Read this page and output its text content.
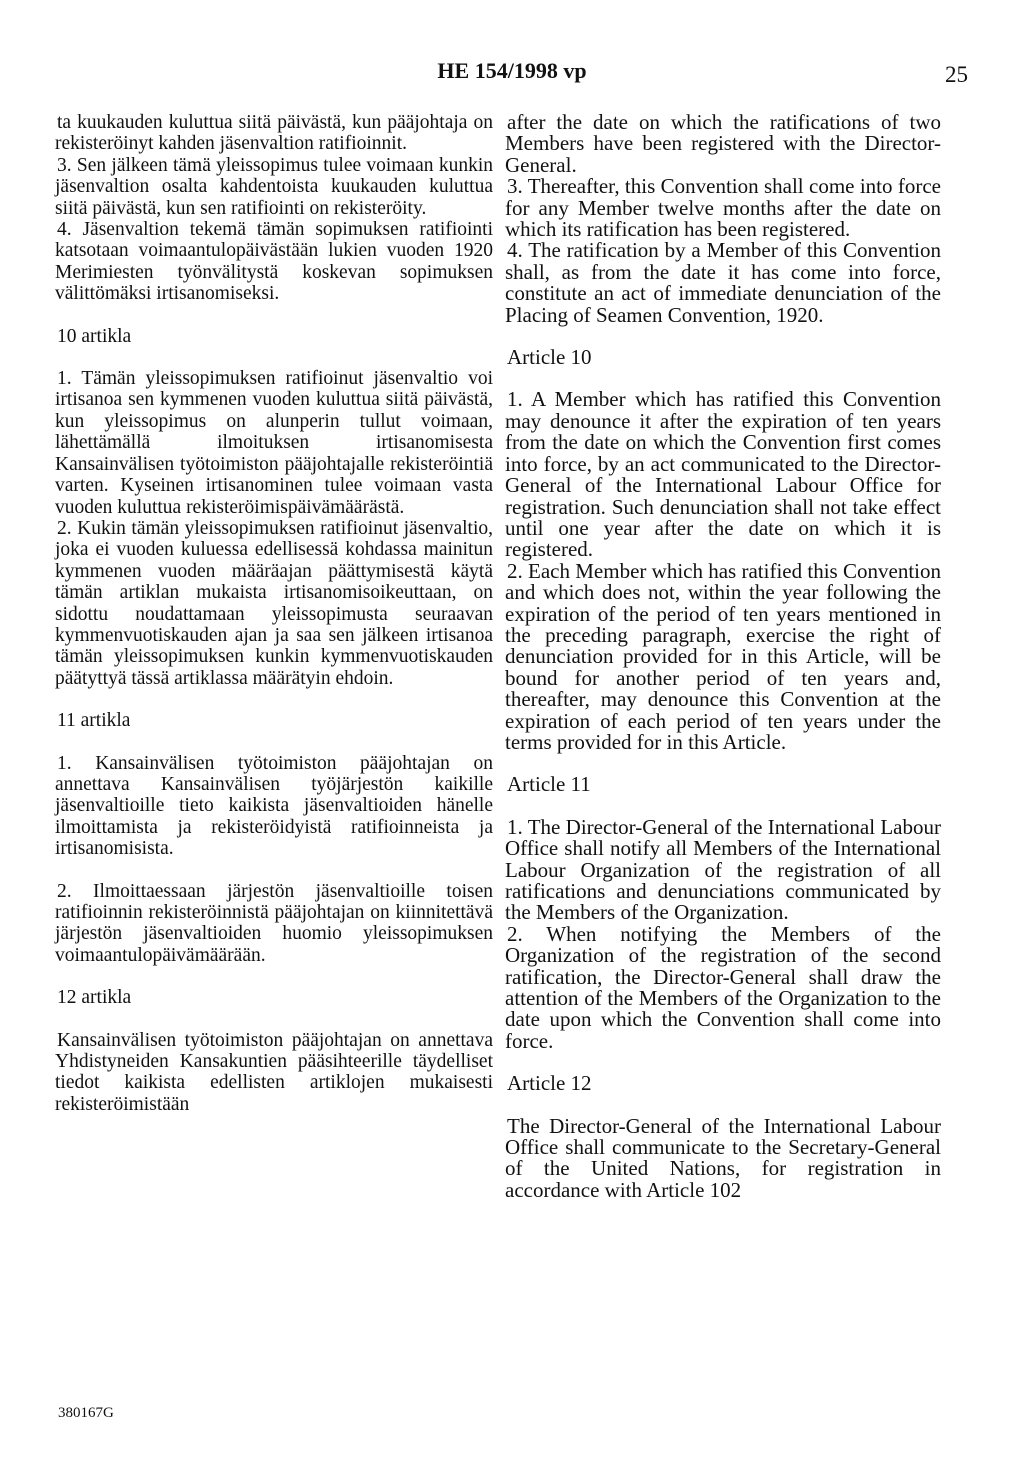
HE 154/1998 vp	25

ta kuukauden kuluttua siitä päivästä, kun pääjohtaja on rekisteröinyt kahden jäsenvaltion ratifioinnit.

3. Sen jälkeen tämä yleissopimus tulee voimaan kunkin jäsenvaltion osalta kahdentoista kuukauden kuluttua siitä päivästä, kun sen ratifiointi on rekisteröity.

4. Jäsenvaltion tekemä tämän sopimuksen ratifiointi katsotaan voimaantulopäivästään lukien vuoden 1920 Merimiesten työnvälitystä koskevan sopimuksen välittömäksi irtisanomiseksi.

10 artikla

1. Tämän yleissopimuksen ratifioinut jäsenvaltio voi irtisanoa sen kymmenen vuoden kuluttua siitä päivästä, kun yleissopimus on alunperin tullut voimaan, lähettämällä ilmoituksen irtisanomisesta Kansainvälisen työtoimiston pääjohtajalle rekisteröintiä varten. Kyseinen irtisanominen tulee voimaan vasta vuoden kuluttua rekisteröimispäivämäärästä.

2. Kukin tämän yleissopimuksen ratifioinut jäsenvaltio, joka ei vuoden kuluessa edellisessä kohdassa mainitun kymmenen vuoden määräajan päättymisestä käytä tämän artiklan mukaista irtisanomisoikeuttaan, on sidottu noudattamaan yleissopimusta seuraavan kymmenvuotiskauden ajan ja saa sen jälkeen irtisanoa tämän yleissopimuksen kunkin kymmenvuotiskauden päätyttyä tässä artiklassa määrätyin ehdoin.

11 artikla

1. Kansainvälisen työtoimiston pääjohtajan on annettava Kansainvälisen työjärjestön kaikille jäsenvaltioille tieto kaikista jäsenvaltioiden hänelle ilmoittamista ja rekisteröidyistä ratifioinneista ja irtisanomisista.

2. Ilmoittaessaan järjestön jäsenvaltioille toisen ratifioinnin rekisteröinnistä pääjohtajan on kiinnitettävä järjestön jäsenvaltioiden huomio yleissopimuksen voimaantulopäivämäärään.

12 artikla

Kansainvälisen työtoimiston pääjohtajan on annettava Yhdistyneiden Kansakuntien pääsihteerille täydelliset tiedot kaikista edellisten artiklojen mukaisesti rekisteröimistään

after the date on which the ratifications of two Members have been registered with the Director-General.

3. Thereafter, this Convention shall come into force for any Member twelve months after the date on which its ratification has been registered.

4. The ratification by a Member of this Convention shall, as from the date it has come into force, constitute an act of immediate denunciation of the Placing of Seamen Convention, 1920.

Article 10

1. A Member which has ratified this Convention may denounce it after the expiration of ten years from the date on which the Convention first comes into force, by an act communicated to the Director-General of the International Labour Office for registration. Such denunciation shall not take effect until one year after the date on which it is registered.

2. Each Member which has ratified this Convention and which does not, within the year following the expiration of the period of ten years mentioned in the preceding paragraph, exercise the right of denunciation provided for in this Article, will be bound for another period of ten years and, thereafter, may denounce this Convention at the expiration of each period of ten years under the terms provided for in this Article.

Article 11

1. The Director-General of the International Labour Office shall notify all Members of the International Labour Organization of the registration of all ratifications and denunciations communicated by the Members of the Organization.

2. When notifying the Members of the Organization of the registration of the second ratification, the Director-General shall draw the attention of the Members of the Organization to the date upon which the Convention shall come into force.

Article 12

The Director-General of the International Labour Office shall communicate to the Secretary-General of the United Nations, for registration in accordance with Article 102

380167G
